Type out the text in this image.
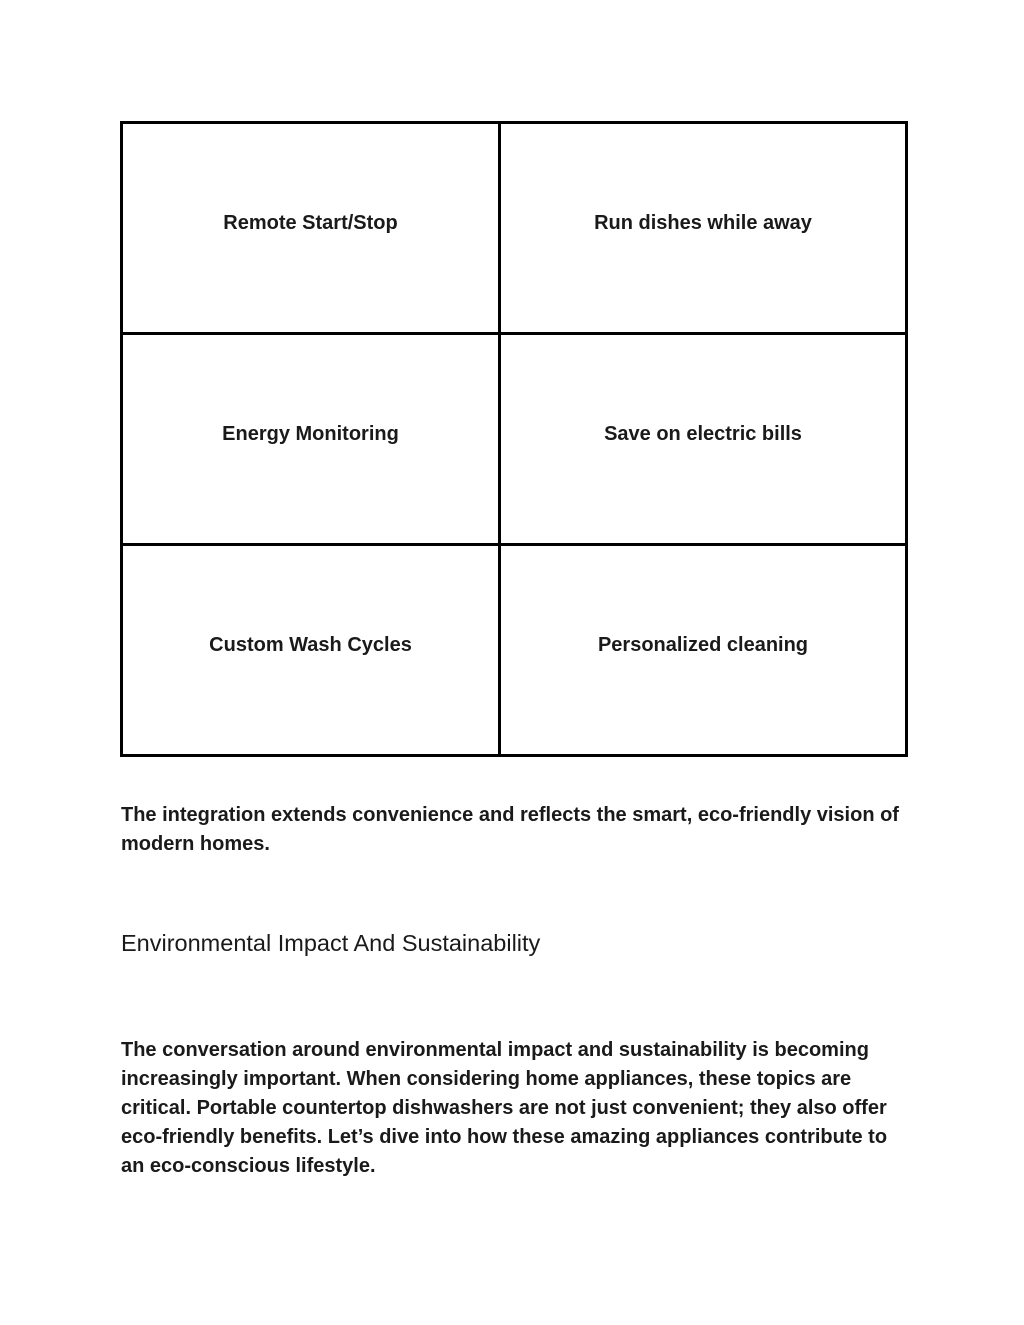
Remote Start/Stop	Run dishes while away
Energy Monitoring	Save on electric bills
Custom Wash Cycles	Personalized cleaning

The integration extends convenience and reflects the smart, eco-friendly vision of modern homes.

Environmental Impact And Sustainability

The conversation around environmental impact and sustainability is becoming increasingly important. When considering home appliances, these topics are critical. Portable countertop dishwashers are not just convenient; they also offer eco-friendly benefits. Let’s dive into how these amazing appliances contribute to an eco-conscious lifestyle.
